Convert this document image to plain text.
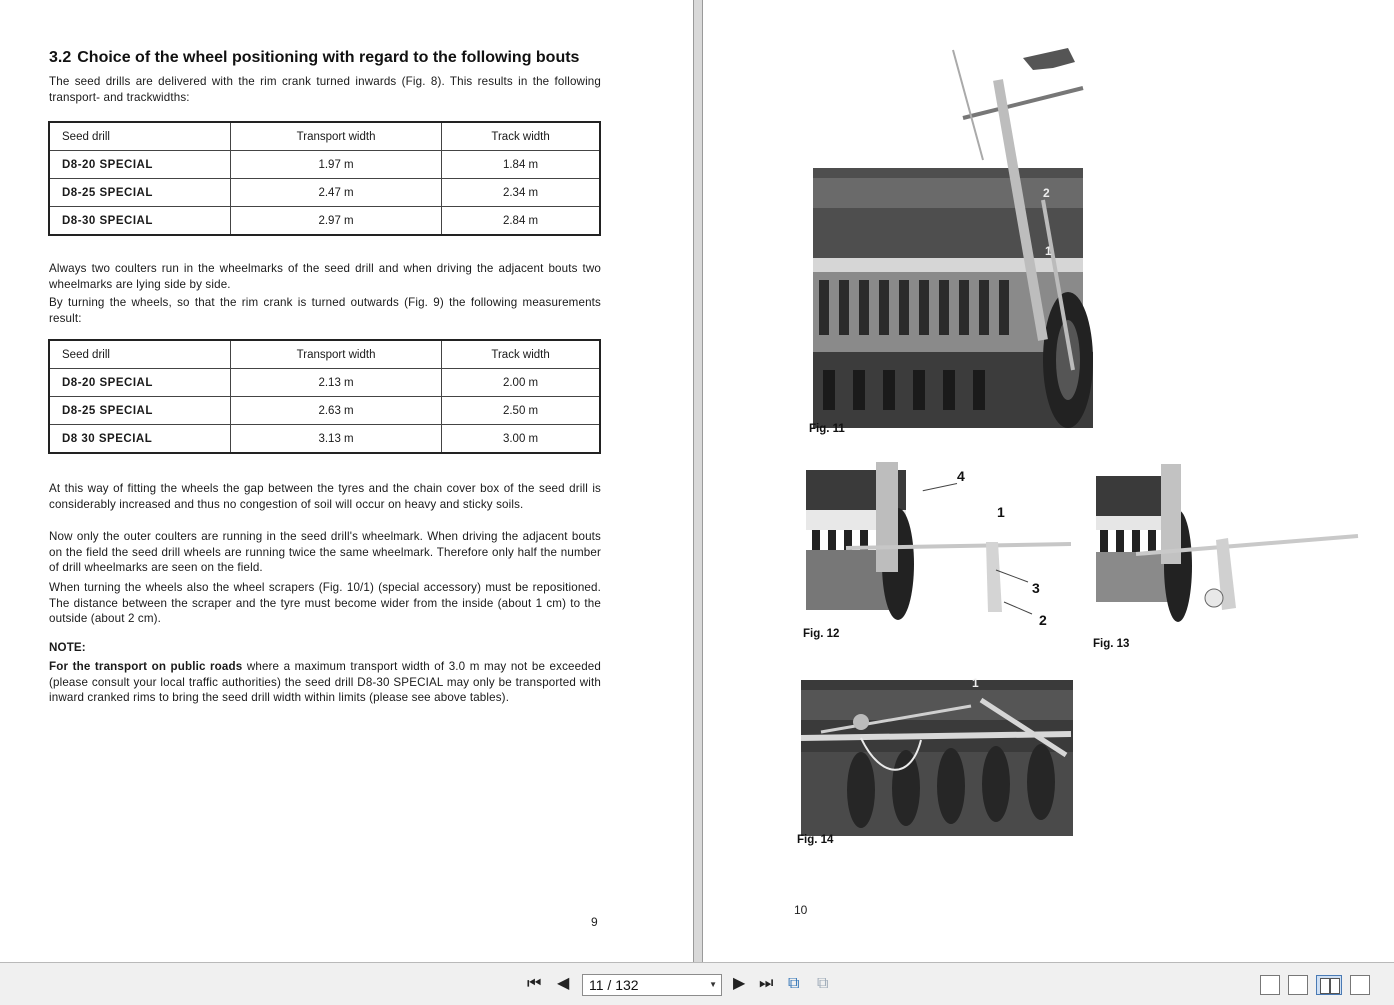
3.2 Choice of the wheel positioning with regard to the following bouts
The seed drills are delivered with the rim crank turned inwards (Fig. 8). This results in the following transport- and trackwidths:
Seed drill	Transport width	Track width
D8-20 SPECIAL	1.97 m	1.84 m
D8-25 SPECIAL	2.47 m	2.34 m
D8-30 SPECIAL	2.97 m	2.84 m
Always two coulters run in the wheelmarks of the seed drill and when driving the adjacent bouts two wheelmarks are lying side by side.
By turning the wheels, so that the rim crank is turned outwards (Fig. 9) the following measurements result:
Seed drill	Transport width	Track width
D8-20 SPECIAL	2.13 m	2.00 m
D8-25 SPECIAL	2.63 m	2.50 m
D8 30 SPECIAL	3.13 m	3.00 m
At this way of fitting the wheels the gap between the tyres and the chain cover box of the seed drill is considerably increased and thus no congestion of soil will occur on heavy and sticky soils.
Now only the outer coulters are running in the seed drill's wheelmark. When driving the adjacent bouts on the field the seed drill wheels are running twice the same wheelmark. Therefore only half the number of drill wheelmarks are seen on the field.
When turning the wheels also the wheel scrapers (Fig. 10/1) (special accessory) must be repositioned. The distance between the scraper and the tyre must become wider from the inside (about 1 cm) to the outside (about 2 cm).
NOTE:
For the transport on public roads where a maximum transport width of 3.0 m may not be exceeded (please consult your local traffic authorities) the seed drill D8-30 SPECIAL may only be transported with inward cranked rims to bring the seed drill width within limits (please see above tables).
9
2
1
Fig. 11
4
1
3
2
Fig. 12
Fig. 13
1
Fig. 14
10
⏮ ◀	11 / 132	▼ ▶ ⏭ ⧉ ⧉
